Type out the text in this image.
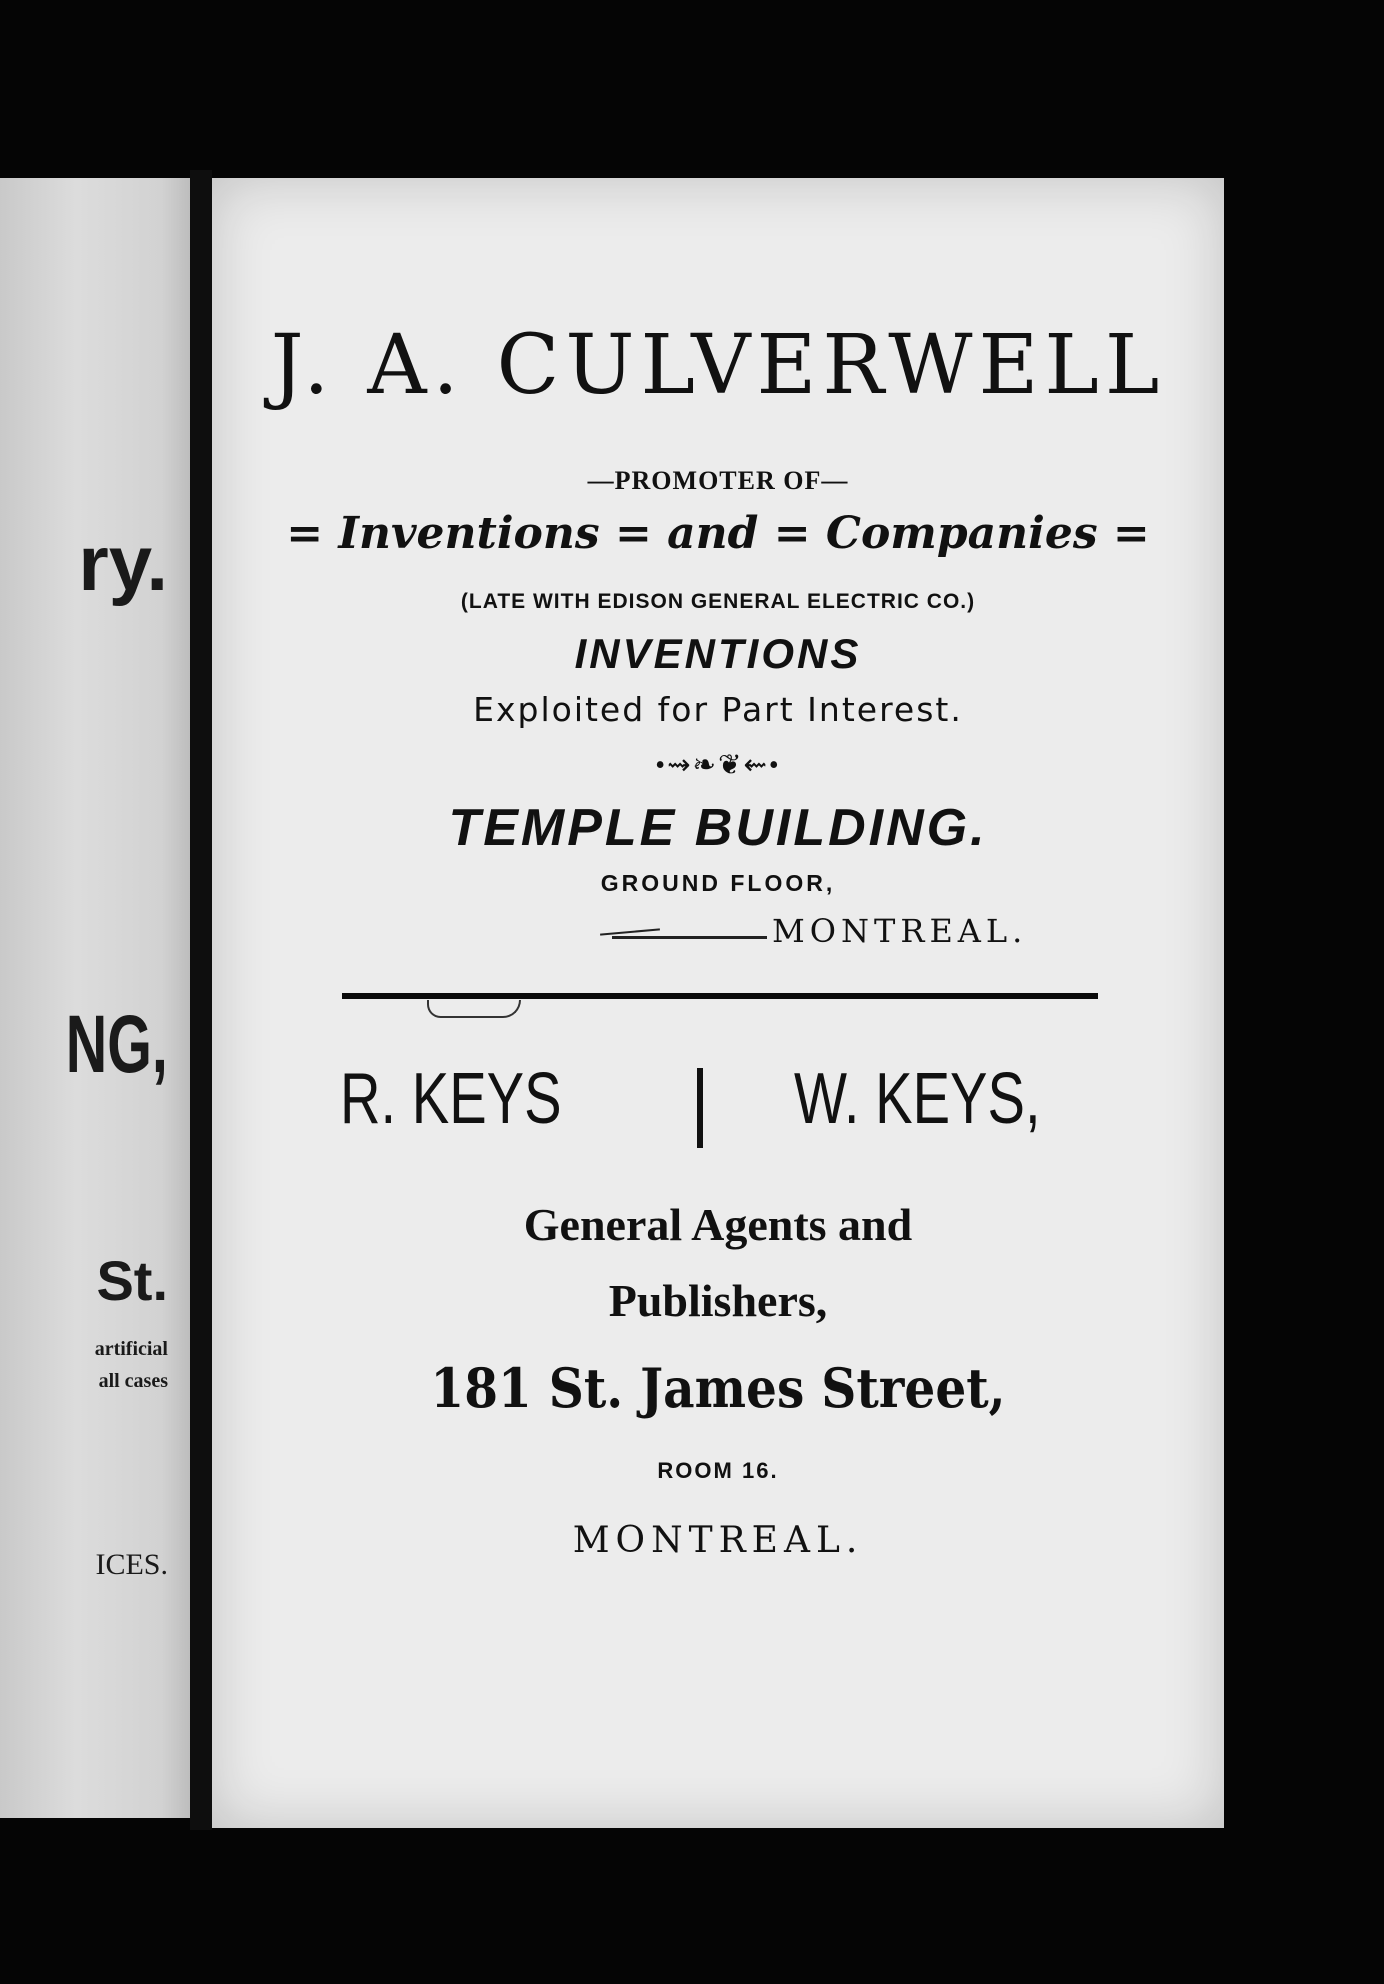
ry.
NG,
St.
artificial
all cases
ICES.
J. A. CULVERWELL
—PROMOTER OF—
= Inventions = and = Companies =
(LATE WITH EDISON GENERAL ELECTRIC CO.)
INVENTIONS
Exploited for Part Interest.
•⇝❧❦⇜•
TEMPLE BUILDING.
GROUND FLOOR,
MONTREAL.
R. KEYS	W. KEYS,
General Agents and
Publishers,
181 St. James Street,
ROOM 16.
MONTREAL.
